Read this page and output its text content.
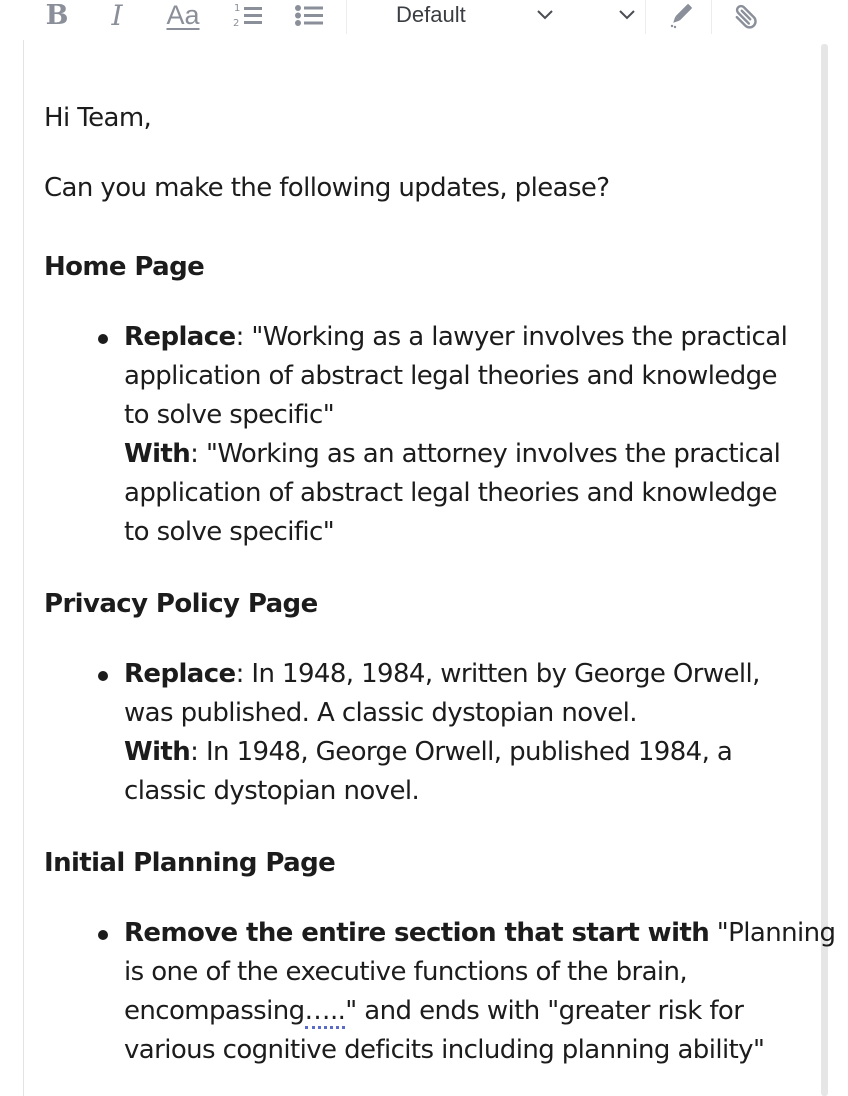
B I Aa	1
2	Default
Hi Team,
Can you make the following updates, please?
Home Page
Replace: "Working as a lawyer involves the practical
application of abstract legal theories and knowledge
to solve specific"
With: "Working as an attorney involves the practical
application of abstract legal theories and knowledge
to solve specific"
Privacy Policy Page
Replace: In 1948, 1984, written by George Orwell,
was published. A classic dystopian novel.
With: In 1948, George Orwell, published 1984, a
classic dystopian novel.
Initial Planning Page
Remove the entire section that start with "Planning
is one of the executive functions of the brain,
encompassing….." and ends with "greater risk for
various cognitive deficits including planning ability"
